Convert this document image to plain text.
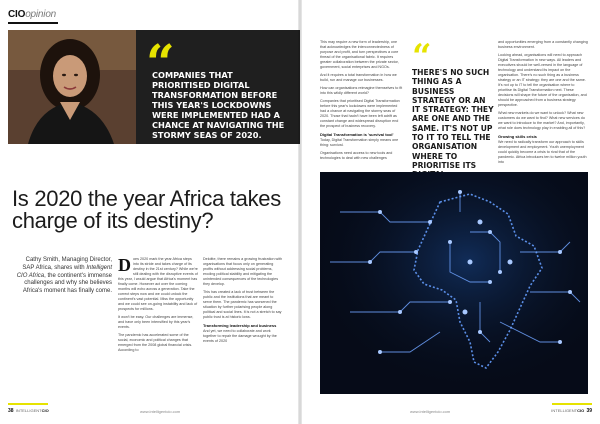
CIOopinion
Cathy Smith, Managing Director, SAP Africa
“
COMPANIES THAT PRIORITISED DIGITAL TRANSFORMATION BEFORE THIS YEAR'S LOCKDOWNS WERE IMPLEMENTED HAD A CHANCE AT NAVIGATING THE STORMY SEAS OF 2020.
Is 2020 the year Africa takes charge of its destiny?
Cathy Smith, Managing Director, SAP Africa, shares with Intelligent CIO Africa, the continent's immense challenges and why she believes Africa's moment has finally come.

Does 2020 mark the year Africa steps into its stride and takes charge of its destiny in the 21st century? While we're still dealing with the disruptive events of this year, I would argue that Africa's moment has finally come. However act over the coming months will echo across a generation. Take the correct steps now and we could unlock the continent's vast potential. Miss the opportunity and we could see on-going instability and lack of prospects for millions.

It won't be easy. Our challenges are immense, and have only been intensified by this year's events.

The pandemic has accelerated some of the social, economic and political changes that emerged from the 2008 global financial crisis. According to

Deloitte, there remains a growing frustration with organisations that focus only on generating profits without addressing social problems, eroding political stability and mitigating the unintended consequences of the technologies they develop.

This has created a lack of trust between the public and the institutions that are meant to serve them. The pandemic has worsened the situation by further polarising people along political and social lines. It is not a stretch to say public trust is at historic lows.

Transforming leadership and business

And yet, we need to collaborate and work together to repair the damage wrought by the events of 2020

38 INTELLIGENTCIO	www.intelligentcio.com

This may require a new form of leadership, one that acknowledges the interconnectedness of purpose and profit, and turn perspectives a core thread of the organisational fabric. It requires greater collaboration between the private sector, government, social enterprises and NGOs.

And it requires a total transformation in how we build, run and manage our businesses.

How can organisations reimagine themselves to fit into this wildly different world?

Companies that prioritised Digital Transformation before this year's lockdowns were implemented had a chance at navigating the stormy seas of 2020. Those that hadn't have been left adrift as constant change and widespread disruption end the prospect of business recovery.

Digital Transformation is 'survival tool'

Today, Digital Transformation simply means one thing: survival.

Organisations need access to new tools and technologies to deal with new challenges

“
THERE'S NO SUCH THING AS A BUSINESS STRATEGY OR AN IT STRATEGY: THEY ARE ONE AND THE SAME. IT'S NOT UP TO IT TO TELL THE ORGANISATION WHERE TO PRIORITISE ITS

and opportunities emerging from a constantly changing business environment.

Looking ahead, organisations will need to approach Digital Transformation in new ways. All leaders and executives should be well-versed in the language of technology and understand its impact on the organisation. There's no such thing as a business strategy or an IT strategy: they are one and the same. It's not up to IT to tell the organisation where to prioritise its Digital Transformation next. These decisions will shape the future of the organisation, and should be approached from a business strategy perspective.

What new markets do we want to unlock? What new customers do we want to find? What new services do we want to introduce to the market? And, importantly, what role does technology play in enabling all of this?

Growing skills crisis

We need to radically transform our approach to skills development and employment. Youth unemployment could quickly become a crisis to rival that of the pandemic. Africa introduces ten to twelve million youth into

www.intelligentcio.com	INTELLIGENTCIO 39
